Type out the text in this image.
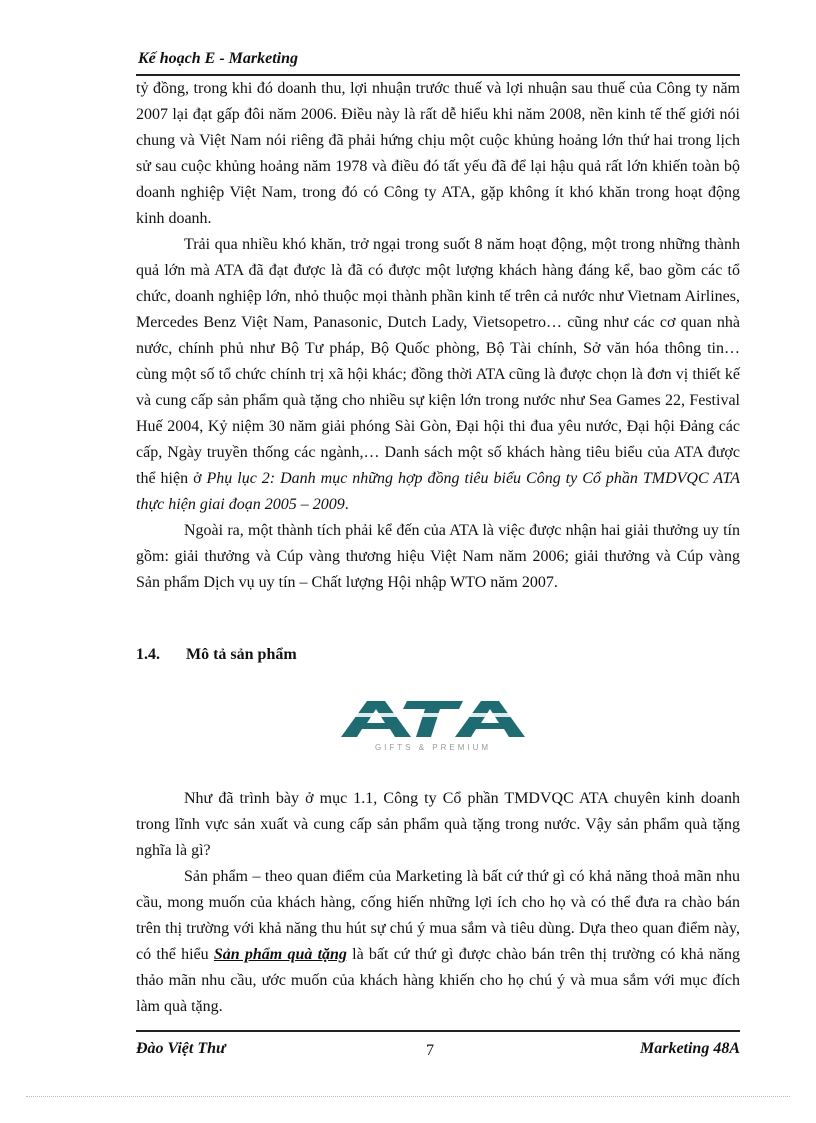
Kế hoạch E - Marketing

tỷ đồng, trong khi đó doanh thu, lợi nhuận trước thuế và lợi nhuận sau thuế của Công ty năm 2007 lại đạt gấp đôi năm 2006. Điều này là rất dễ hiểu khi năm 2008, nền kinh tế thế giới nói chung và Việt Nam nói riêng đã phải hứng chịu một cuộc khủng hoảng lớn thứ hai trong lịch sử sau cuộc khủng hoảng năm 1978 và điều đó tất yếu đã để lại hậu quả rất lớn khiến toàn bộ doanh nghiệp Việt Nam, trong đó có Công ty ATA, gặp không ít khó khăn trong hoạt động kinh doanh.

Trải qua nhiều khó khăn, trở ngại trong suốt 8 năm hoạt động, một trong những thành quả lớn mà ATA đã đạt được là đã có được một lượng khách hàng đáng kể, bao gồm các tổ chức, doanh nghiệp lớn, nhỏ thuộc mọi thành phần kinh tế trên cả nước như Vietnam Airlines, Mercedes Benz Việt Nam, Panasonic, Dutch Lady, Vietsopetro… cũng như các cơ quan nhà nước, chính phủ như Bộ Tư pháp, Bộ Quốc phòng, Bộ Tài chính, Sở văn hóa thông tin… cùng một số tổ chức chính trị xã hội khác; đồng thời ATA cũng là được chọn là đơn vị thiết kế và cung cấp sản phẩm quà tặng cho nhiều sự kiện lớn trong nước như Sea Games 22, Festival Huế 2004, Kỷ niệm 30 năm giải phóng Sài Gòn, Đại hội thi đua yêu nước, Đại hội Đảng các cấp, Ngày truyền thống các ngành,… Danh sách một số khách hàng tiêu biểu của ATA được thể hiện ở Phụ lục 2: Danh mục những hợp đồng tiêu biểu Công ty Cổ phần TMDVQC ATA thực hiện giai đoạn 2005 – 2009.

Ngoài ra, một thành tích phải kể đến của ATA là việc được nhận hai giải thưởng uy tín gồm: giải thưởng và Cúp vàng thương hiệu Việt Nam năm 2006; giải thưởng và Cúp vàng Sản phẩm Dịch vụ uy tín – Chất lượng Hội nhập WTO năm 2007.

1.4. Mô tả sản phẩm
GIFTS & PREMIUM

Như đã trình bày ở mục 1.1, Công ty Cổ phần TMDVQC ATA chuyên kinh doanh trong lĩnh vực sản xuất và cung cấp sản phẩm quà tặng trong nước. Vậy sản phẩm quà tặng nghĩa là gì?

Sản phẩm – theo quan điểm của Marketing là bất cứ thứ gì có khả năng thoả mãn nhu cầu, mong muốn của khách hàng, cống hiến những lợi ích cho họ và có thể đưa ra chào bán trên thị trường với khả năng thu hút sự chú ý mua sắm và tiêu dùng. Dựa theo quan điểm này, có thể hiểu Sản phẩm quà tặng là bất cứ thứ gì được chào bán trên thị trường có khả năng thảo mãn nhu cầu, ước muốn của khách hàng khiến cho họ chú ý và mua sắm với mục đích làm quà tặng.

Đào Việt Thư	7	Marketing 48A
